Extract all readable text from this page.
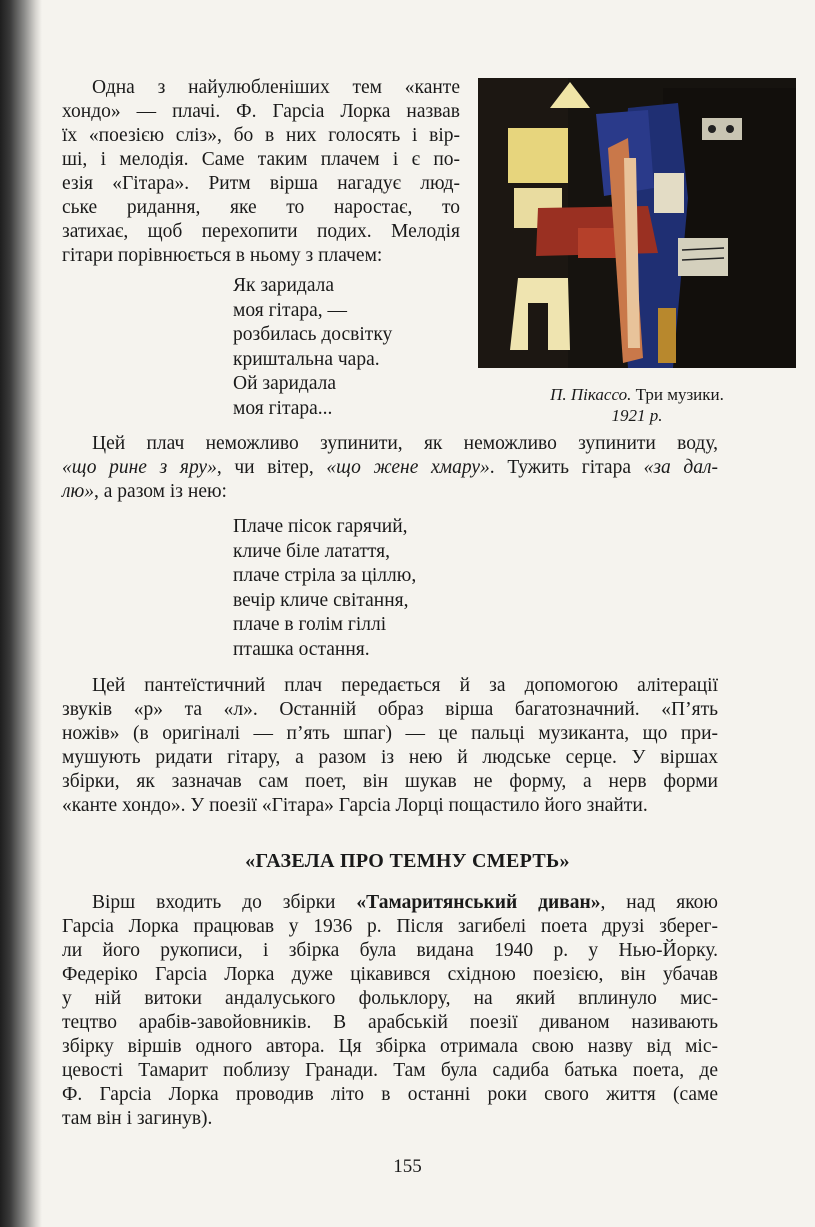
Одна з найулюбленіших тем «канте
хондо» — плачі. Ф. Гарсіа Лорка назвав
їх «поезією сліз», бо в них голосять і вір-
ші, і мелодія. Саме таким плачем і є по-
езія «Гітара». Ритм вірша нагадує люд-
ське ридання, яке то наростає, то
затихає, щоб перехопити подих. Мелодія
гітари порівнюється в ньому з плачем:
Як заридала
моя гітара, —
розбилась досвітку
криштальна чара.
Ой заридала
моя гітара...
П. Пікассо. Три музики.
1921 р.
Цей плач неможливо зупинити, як неможливо зупинити воду,
«що рине з яру», чи вітер, «що жене хмару». Тужить гітара «за дал-
лю», а разом із нею:
Плаче пісок гарячий,
кличе біле латаття,
плаче стріла за ціллю,
вечір кличе світання,
плаче в голім гіллі
пташка остання.
Цей пантеїстичний плач передається й за допомогою алітерації
звуків «р» та «л». Останній образ вірша багатозначний. «П’ять
ножів» (в оригіналі — п’ять шпаг) — це пальці музиканта, що при-
мушують ридати гітару, а разом із нею й людське серце. У віршах
збірки, як зазначав сам поет, він шукав не форму, а нерв форми
«канте хондо». У поезії «Гітара» Гарсіа Лорці пощастило його знайти.
«ГАЗЕЛА ПРО ТЕМНУ СМЕРТЬ»
Вірш входить до збірки «Тамаритянський диван», над якою
Гарсіа Лорка працював у 1936 р. Після загибелі поета друзі зберег-
ли його рукописи, і збірка була видана 1940 р. у Нью-Йорку.
Федеріко Гарсіа Лорка дуже цікавився східною поезією, він убачав
у ній витоки андалуського фольклору, на який вплинуло мис-
тецтво арабів-завойовників. В арабській поезії диваном називають
збірку віршів одного автора. Ця збірка отримала свою назву від міс-
цевості Тамарит поблизу Гранади. Там була садиба батька поета, де
Ф. Гарсіа Лорка проводив літо в останні роки свого життя (саме
там він і загинув).
155
